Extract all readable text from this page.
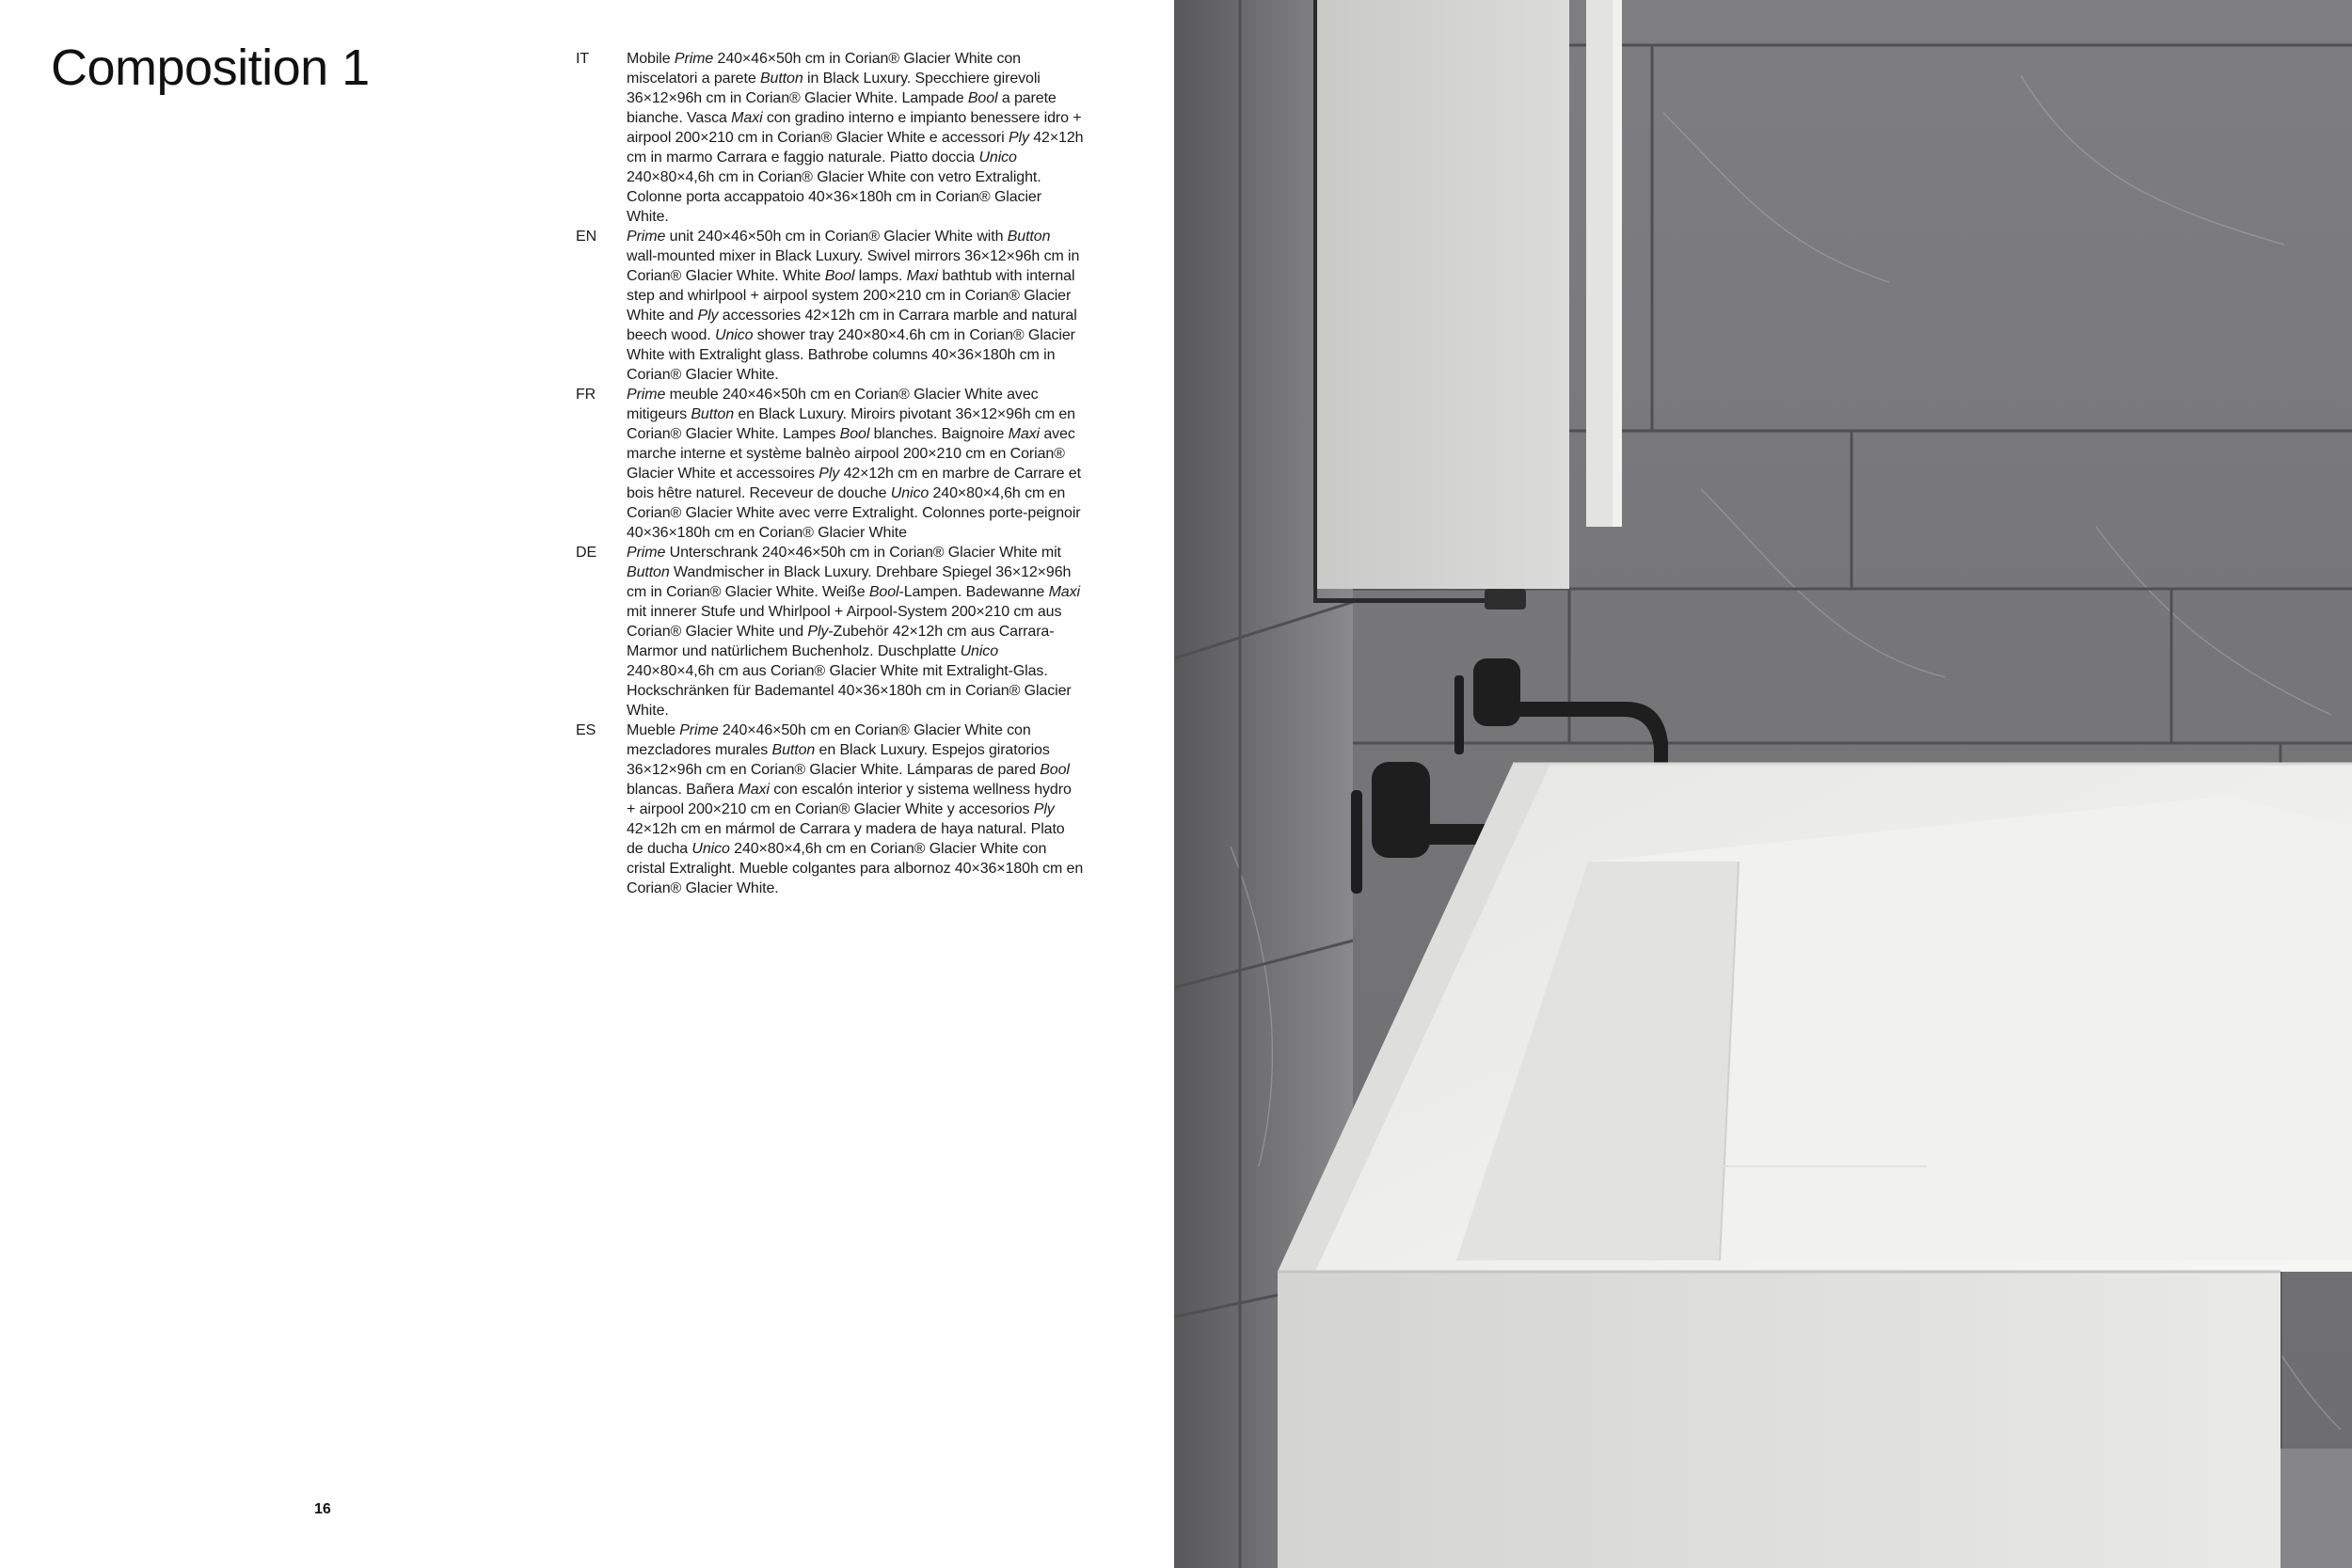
Composition 1	IT Mobile Prime 240×46×50h cm in Corian® Glacier White con miscelatori a parete Button in Black Luxury. Specchiere girevoli 36×12×96h cm in Corian® Glacier White. Lampade Bool a parete bianche. Vasca Maxi con gradino interno e impianto benessere idro + airpool 200×210 cm in Corian® Glacier White e accessori Ply 42×12h cm in marmo Carrara e faggio naturale. Piatto doccia Unico 240×80×4,6h cm in Corian® Glacier White con vetro Extralight. Colonne porta accappatoio 40×36×180h cm in Corian® Glacier White.

EN Prime unit 240×46×50h cm in Corian® Glacier White with Button wall-mounted mixer in Black Luxury. Swivel mirrors 36×12×96h cm in Corian® Glacier White. White Bool lamps. Maxi bathtub with internal step and whirlpool + airpool system 200×210 cm in Corian® Glacier White and Ply accessories 42×12h cm in Carrara marble and natural beech wood. Unico shower tray 240×80×4.6h cm in Corian® Glacier White with Extralight glass. Bathrobe columns 40×36×180h cm in Corian® Glacier White.

FR Prime meuble 240×46×50h cm en Corian® Glacier White avec mitigeurs Button en Black Luxury. Miroirs pivotant 36×12×96h cm en Corian® Glacier White. Lampes Bool blanches. Baignoire Maxi avec marche interne et système balnèo airpool 200×210 cm en Corian® Glacier White et accessoires Ply 42×12h cm en marbre de Carrare et bois hêtre naturel. Receveur de douche Unico 240×80×4,6h cm en Corian® Glacier White avec verre Extralight. Colonnes porte-peignoir 40×36×180h cm en Corian® Glacier White

DE Prime Unterschrank 240×46×50h cm in Corian® Glacier White mit Button Wandmischer in Black Luxury. Drehbare Spiegel 36×12×96h cm in Corian® Glacier White. Weiße Bool-Lampen. Badewanne Maxi mit innerer Stufe und Whirlpool + Airpool-System 200×210 cm aus Corian® Glacier White und Ply-Zubehör 42×12h cm aus Carrara-Marmor und natürlichem Buchenholz. Duschplatte Unico 240×80×4,6h cm aus Corian® Glacier White mit Extralight-Glas. Hockschränken für Bademantel 40×36×180h cm in Corian® Glacier White.

ES Mueble Prime 240×46×50h cm en Corian® Glacier White con mezcladores murales Button en Black Luxury. Espejos giratorios 36×12×96h cm en Corian® Glacier White. Lámparas de pared Bool blancas. Bañera Maxi con escalón interior y sistema wellness hydro + airpool 200×210 cm en Corian® Glacier White y accesorios Ply 42×12h cm en mármol de Carrara y madera de haya natural. Plato de ducha Unico 240×80×4,6h cm en Corian® Glacier White con cristal Extralight. Mueble colgantes para albornoz 40×36×180h cm en Corian® Glacier White.

16
